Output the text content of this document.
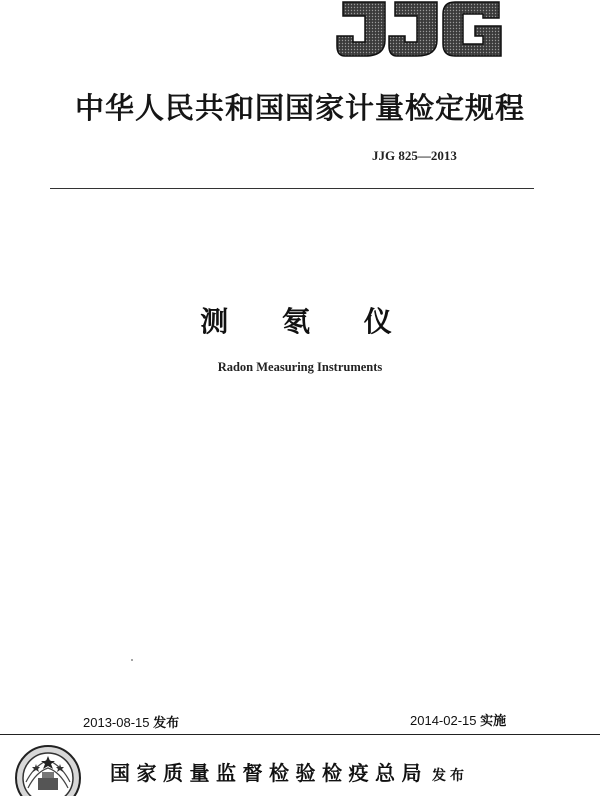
中华人民共和国国家计量检定规程
JJG 825—2013
测 氡 仪
Radon Measuring Instruments
2013-08-15 发布	2014-02-15 实施
国家质量监督检验检疫总局 发布
